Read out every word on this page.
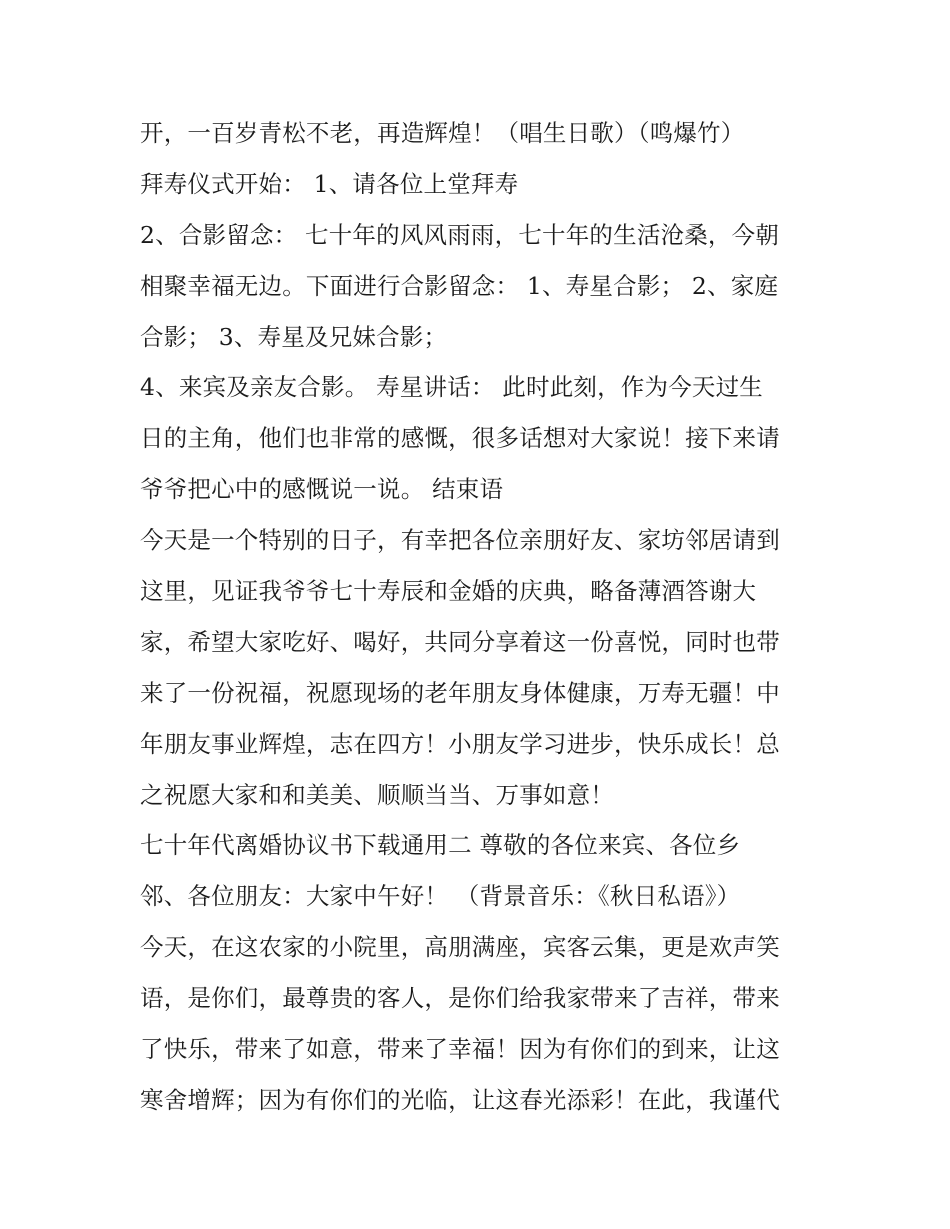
开，一百岁青松不老，再造辉煌！（唱生日歌）（鸣爆竹）
拜寿仪式开始： 1、请各位上堂拜寿
2、合影留念： 七十年的风风雨雨，七十年的生活沧桑，今朝
相聚幸福无边。下面进行合影留念： 1、寿星合影； 2、家庭
合影； 3、寿星及兄妹合影；
4、来宾及亲友合影。 寿星讲话： 此时此刻，作为今天过生
日的主角，他们也非常的感慨，很多话想对大家说！接下来请
爷爷把心中的感慨说一说。 结束语
今天是一个特别的日子，有幸把各位亲朋好友、家坊邻居请到
这里，见证我爷爷七十寿辰和金婚的庆典，略备薄酒答谢大
家，希望大家吃好、喝好，共同分享着这一份喜悦，同时也带
来了一份祝福，祝愿现场的老年朋友身体健康，万寿无疆！中
年朋友事业辉煌，志在四方！小朋友学习进步，快乐成长！总
之祝愿大家和和美美、顺顺当当、万事如意！
七十年代离婚协议书下载通用二 尊敬的各位来宾、各位乡
邻、各位朋友：大家中午好！ （背景音乐：《秋日私语》）
今天，在这农家的小院里，高朋满座，宾客云集，更是欢声笑
语，是你们，最尊贵的客人，是你们给我家带来了吉祥，带来
了快乐，带来了如意，带来了幸福！因为有你们的到来，让这
寒舍增辉；因为有你们的光临，让这春光添彩！在此，我谨代
